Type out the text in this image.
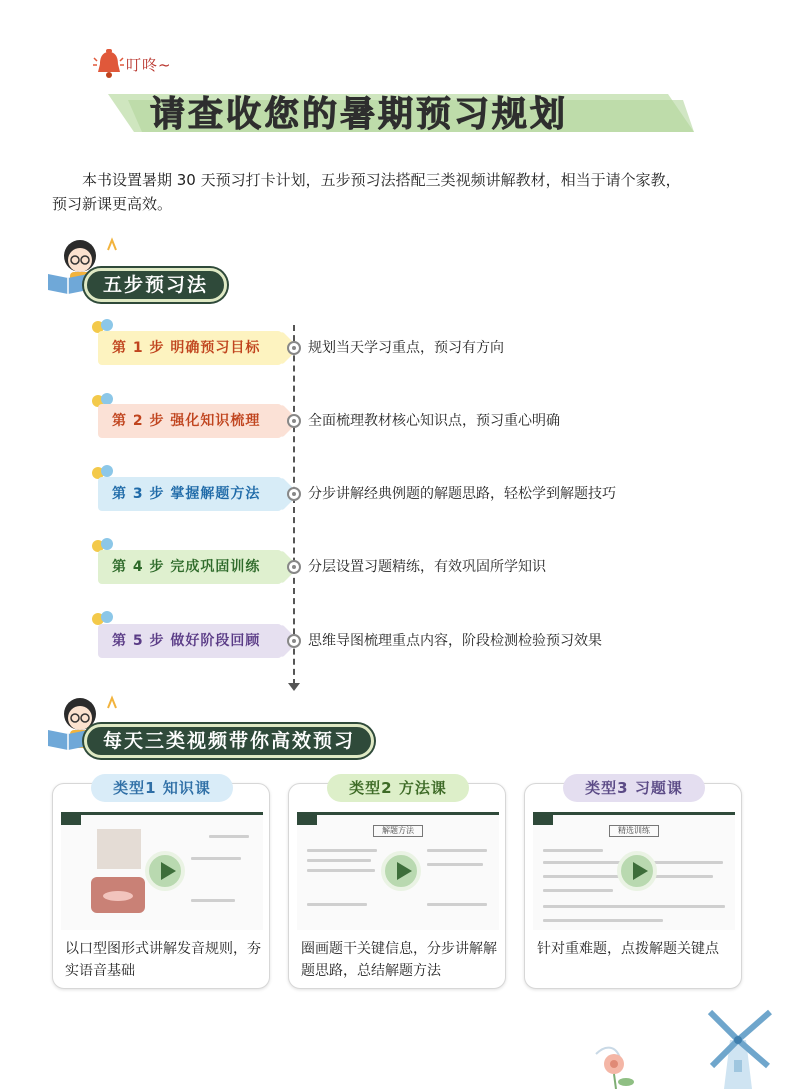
叮咚~
请查收您的暑期预习规划
本书设置暑期 30 天预习打卡计划，五步预习法搭配三类视频讲解教材，相当于请个家教，
预习新课更高效。
五步预习法
第 1 步 明确预习目标	规划当天学习重点，预习有方向
第 2 步 强化知识梳理	全面梳理教材核心知识点，预习重心明确
第 3 步 掌握解题方法	分步讲解经典例题的解题思路，轻松学到解题技巧
第 4 步 完成巩固训练	分层设置习题精练，有效巩固所学知识
第 5 步 做好阶段回顾	思维导图梳理重点内容，阶段检测检验预习效果
每天三类视频带你高效预习
类型1 知识课
以口型图形式讲解发音规则，夯实语音基础
类型2 方法课
解题方法
圈画题干关键信息，分步讲解解题思路，总结解题方法
类型3 习题课
精选训练
针对重难题，点拨解题关键点
